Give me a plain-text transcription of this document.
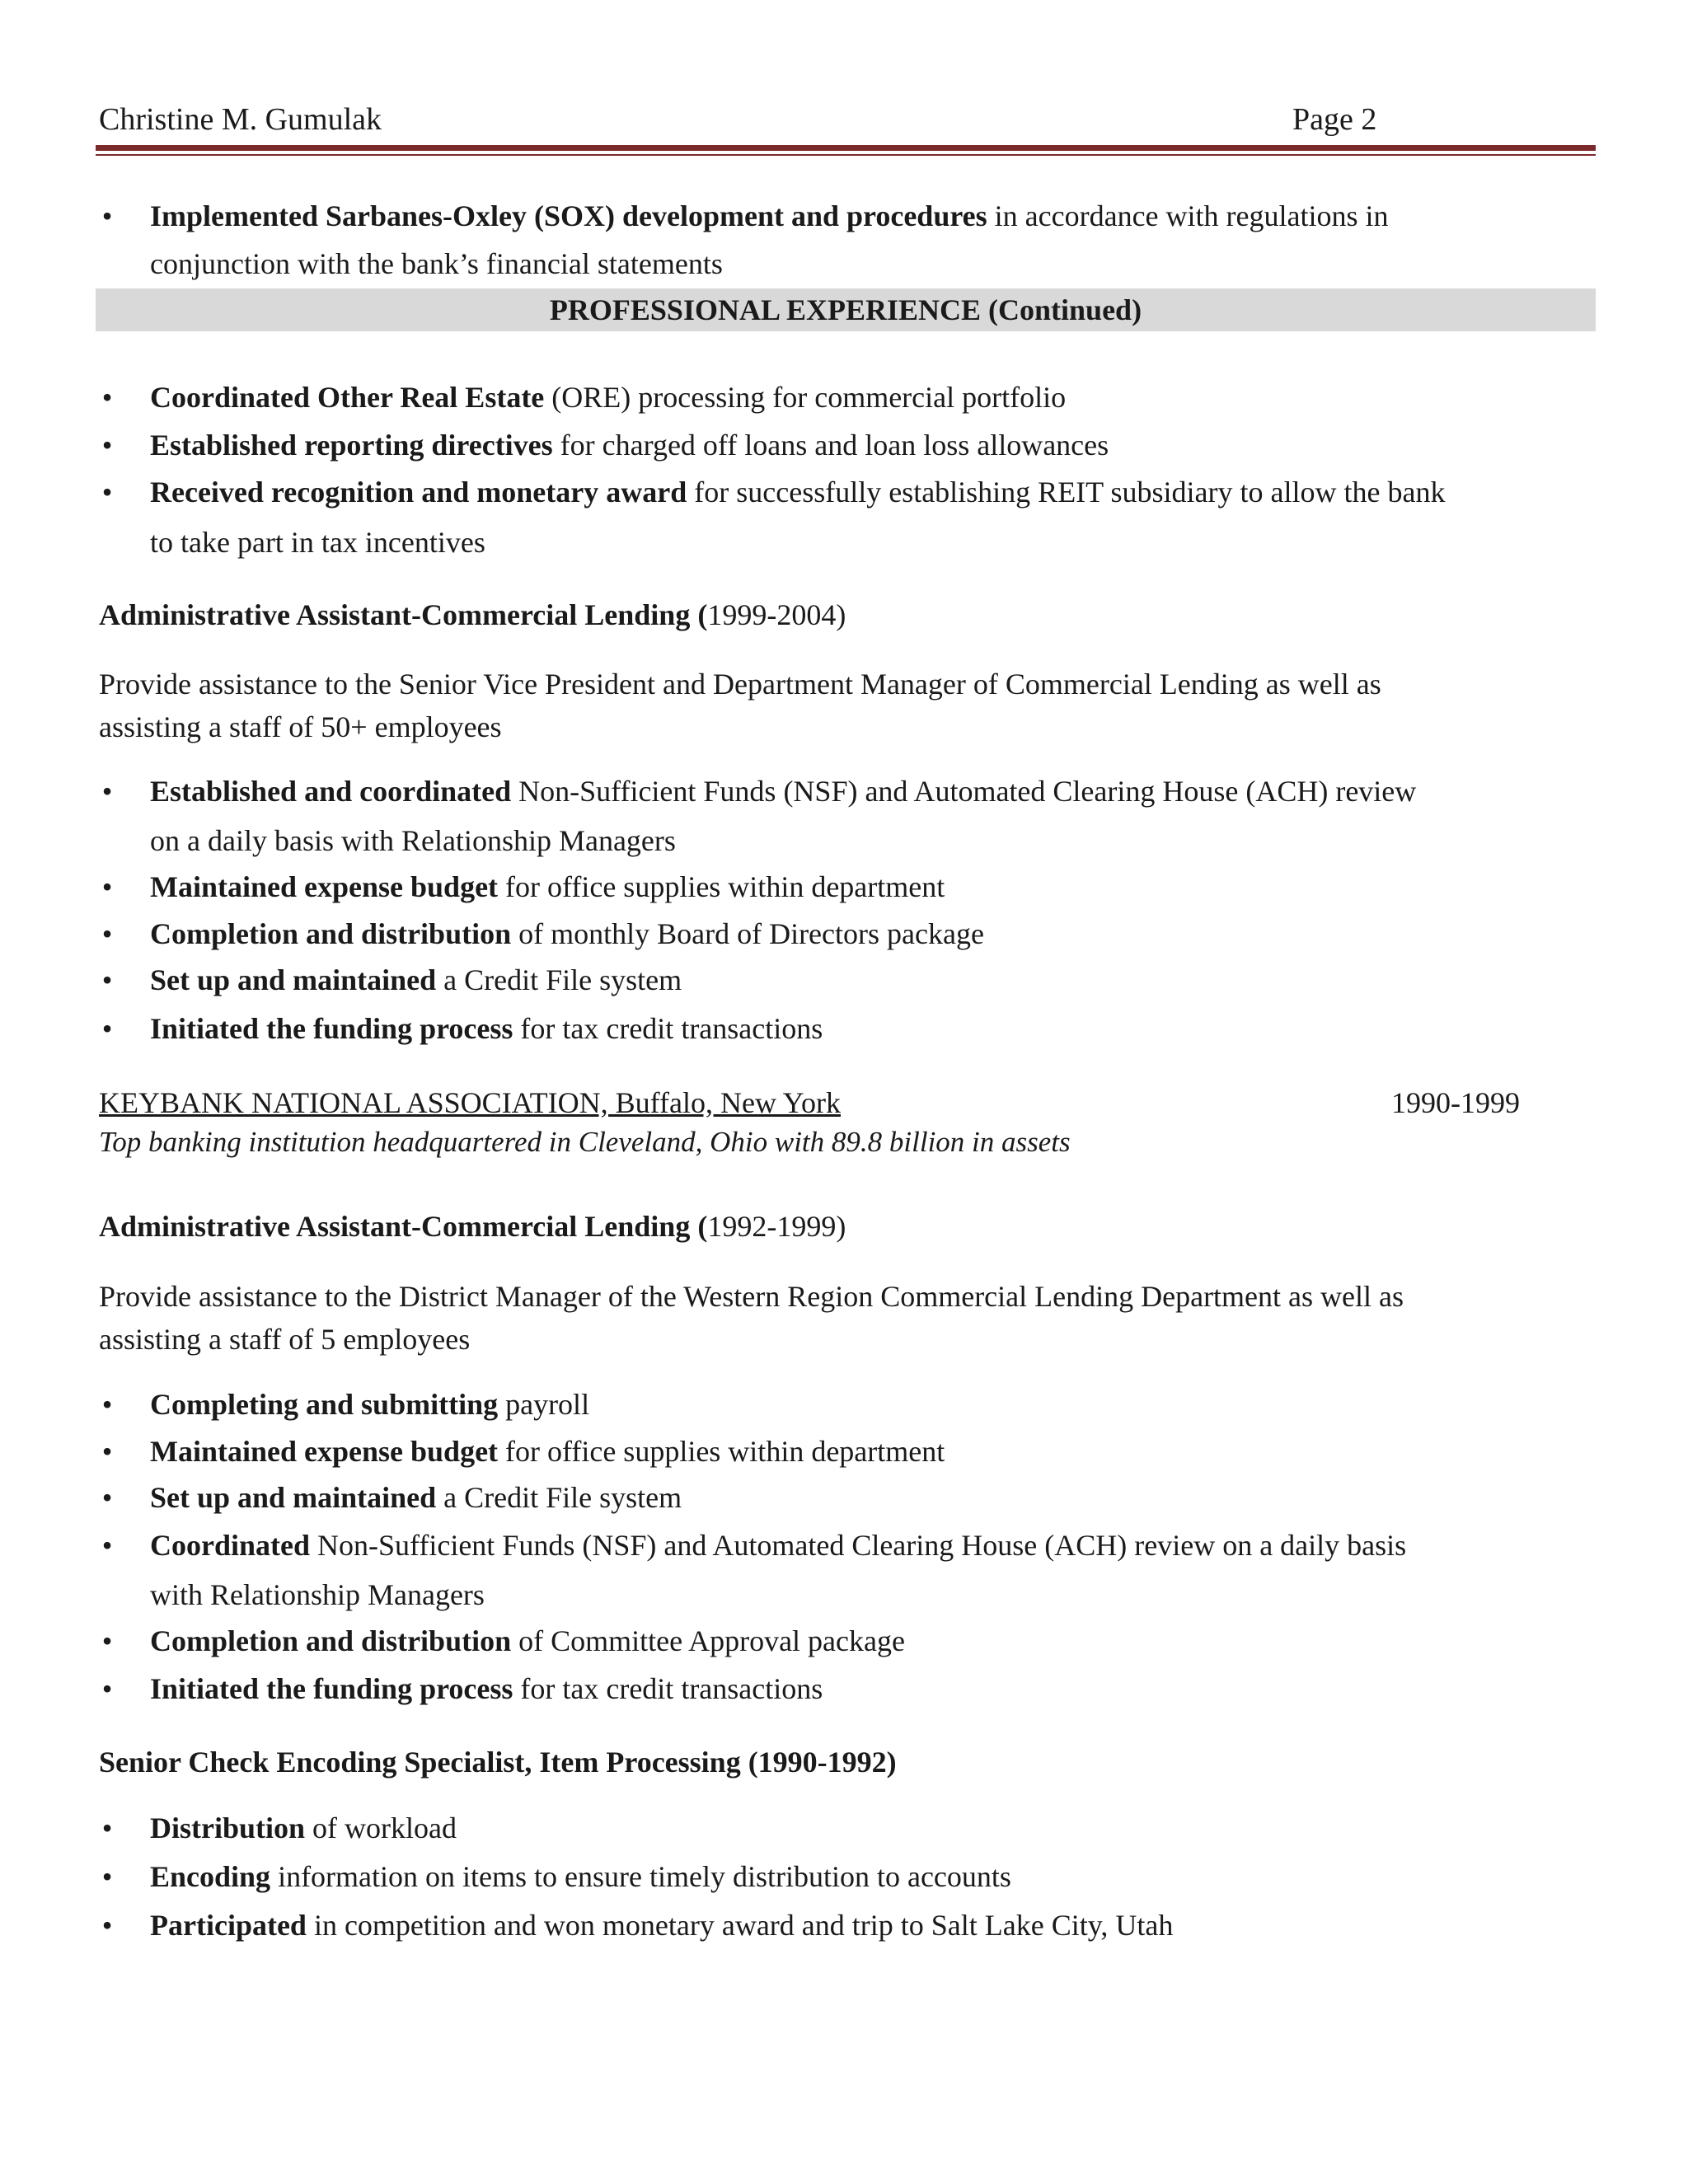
Christine M. Gumulak	Page 2
• Implemented Sarbanes-Oxley (SOX) development and procedures in accordance with regulations in
conjunction with the bank’s financial statements
PROFESSIONAL EXPERIENCE (Continued)
• Coordinated Other Real Estate (ORE) processing for commercial portfolio
• Established reporting directives for charged off loans and loan loss allowances
• Received recognition and monetary award for successfully establishing REIT subsidiary to allow the bank
to take part in tax incentives
Administrative Assistant-Commercial Lending (1999-2004)
Provide assistance to the Senior Vice President and Department Manager of Commercial Lending as well as
assisting a staff of 50+ employees
• Established and coordinated Non-Sufficient Funds (NSF) and Automated Clearing House (ACH) review
on a daily basis with Relationship Managers
• Maintained expense budget for office supplies within department
• Completion and distribution of monthly Board of Directors package
• Set up and maintained a Credit File system
• Initiated the funding process for tax credit transactions
KEYBANK NATIONAL ASSOCIATION, Buffalo, New York	1990-1999
Top banking institution headquartered in Cleveland, Ohio with 89.8 billion in assets
Administrative Assistant-Commercial Lending (1992-1999)
Provide assistance to the District Manager of the Western Region Commercial Lending Department as well as
assisting a staff of 5 employees
• Completing and submitting payroll
• Maintained expense budget for office supplies within department
• Set up and maintained a Credit File system
• Coordinated Non-Sufficient Funds (NSF) and Automated Clearing House (ACH) review on a daily basis
with Relationship Managers
• Completion and distribution of Committee Approval package
• Initiated the funding process for tax credit transactions
Senior Check Encoding Specialist, Item Processing (1990-1992)
• Distribution of workload
• Encoding information on items to ensure timely distribution to accounts
• Participated in competition and won monetary award and trip to Salt Lake City, Utah
